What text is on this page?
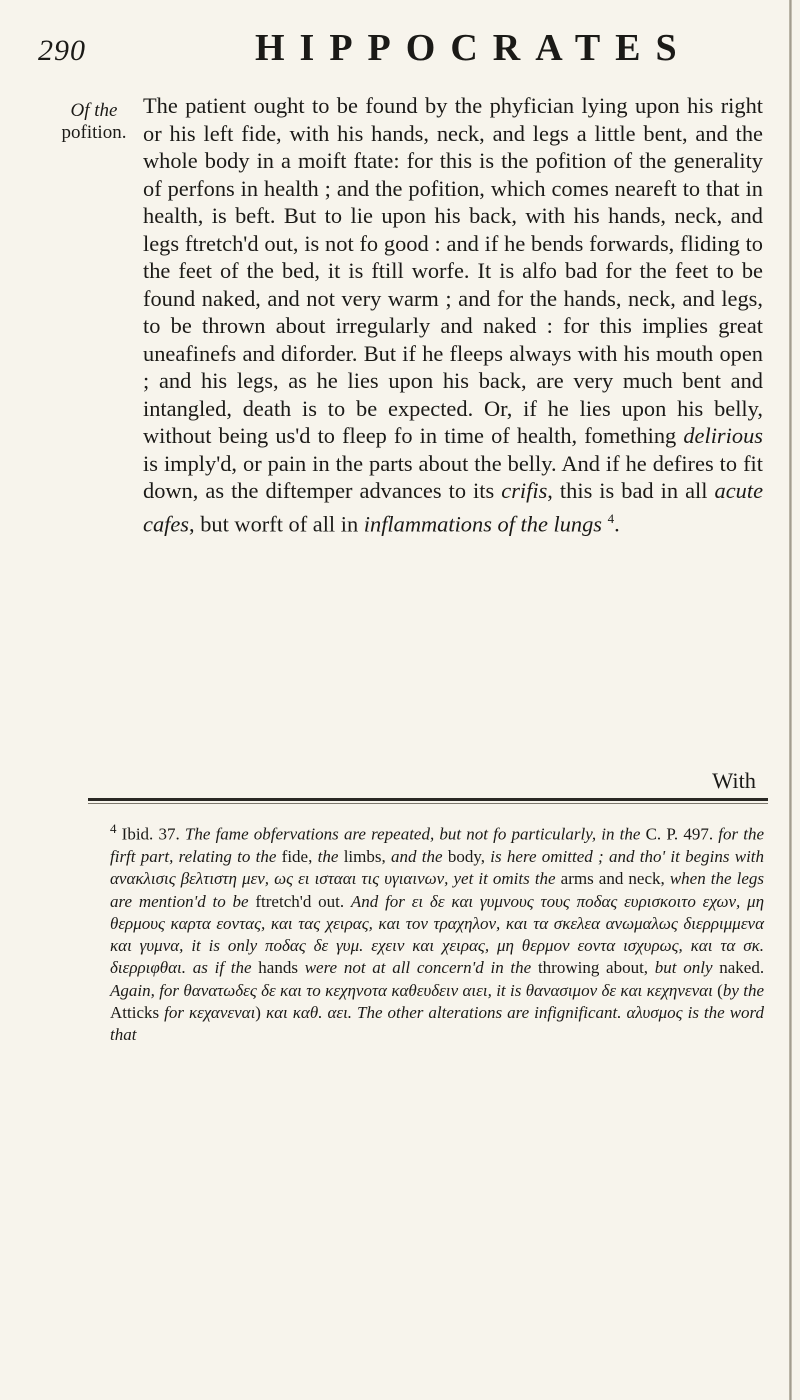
290	HIPPOCRATES
Of the
pofition.

The patient ought to be found by the phyfician lying upon his right or his left fide, with his hands, neck, and legs a little bent, and the whole body in a moift ftate: for this is the pofition of the generality of perfons in health ; and the pofition, which comes neareft to that in health, is beft. But to lie upon his back, with his hands, neck, and legs ftretch'd out, is not fo good : and if he bends forwards, fliding to the feet of the bed, it is ftill worfe. It is alfo bad for the feet to be found naked, and not very warm ; and for the hands, neck, and legs, to be thrown about irregularly and naked : for this implies great uneafinefs and diforder. But if he fleeps always with his mouth open ; and his legs, as he lies upon his back, are very much bent and intangled, death is to be expected. Or, if he lies upon his belly, without being us'd to fleep fo in time of health, fomething delirious is imply'd, or pain in the parts about the belly. And if he defires to fit down, as the diftemper advances to its crifis, this is bad in all acute cafes, but worft of all in inflammations of the lungs $^4$.

With

$^4$ Ibid. 37. The fame obfervations are repeated, but not fo particularly, in the C. P. 497. for the firft part, relating to the fide, the limbs, and the body, is here omitted ; and tho' it begins with ανακλισις βελτιστη μεν, ως ει ιστααι τις υγιαινων, yet it omits the arms and neck, when the legs are mention'd to be ftretch'd out. And for ει δε και γυμνους τους ποδας ευρισκοιτο εχων, μη θερμους καρτα εοντας, και τας χειρας, και τον τραχηλον, και τα σκελεα ανωμαλως διερριμμενα και γυμνα, it is only ποδας δε γυμ. εχειν και χειρας, μη θερμον εοντα ισχυρως, και τα σκ. διερριφθαι. as if the hands were not at all concern'd in the throwing about, but only naked. Again, for θανατωδες δε και το κεχηνοτα καθευδειν αιει, it is θανασιμον δε και κεχηνεναι (by the Atticks for κεχανεναι) και καθ. αει. The other alterations are infignificant. αλυσμος is the word that
